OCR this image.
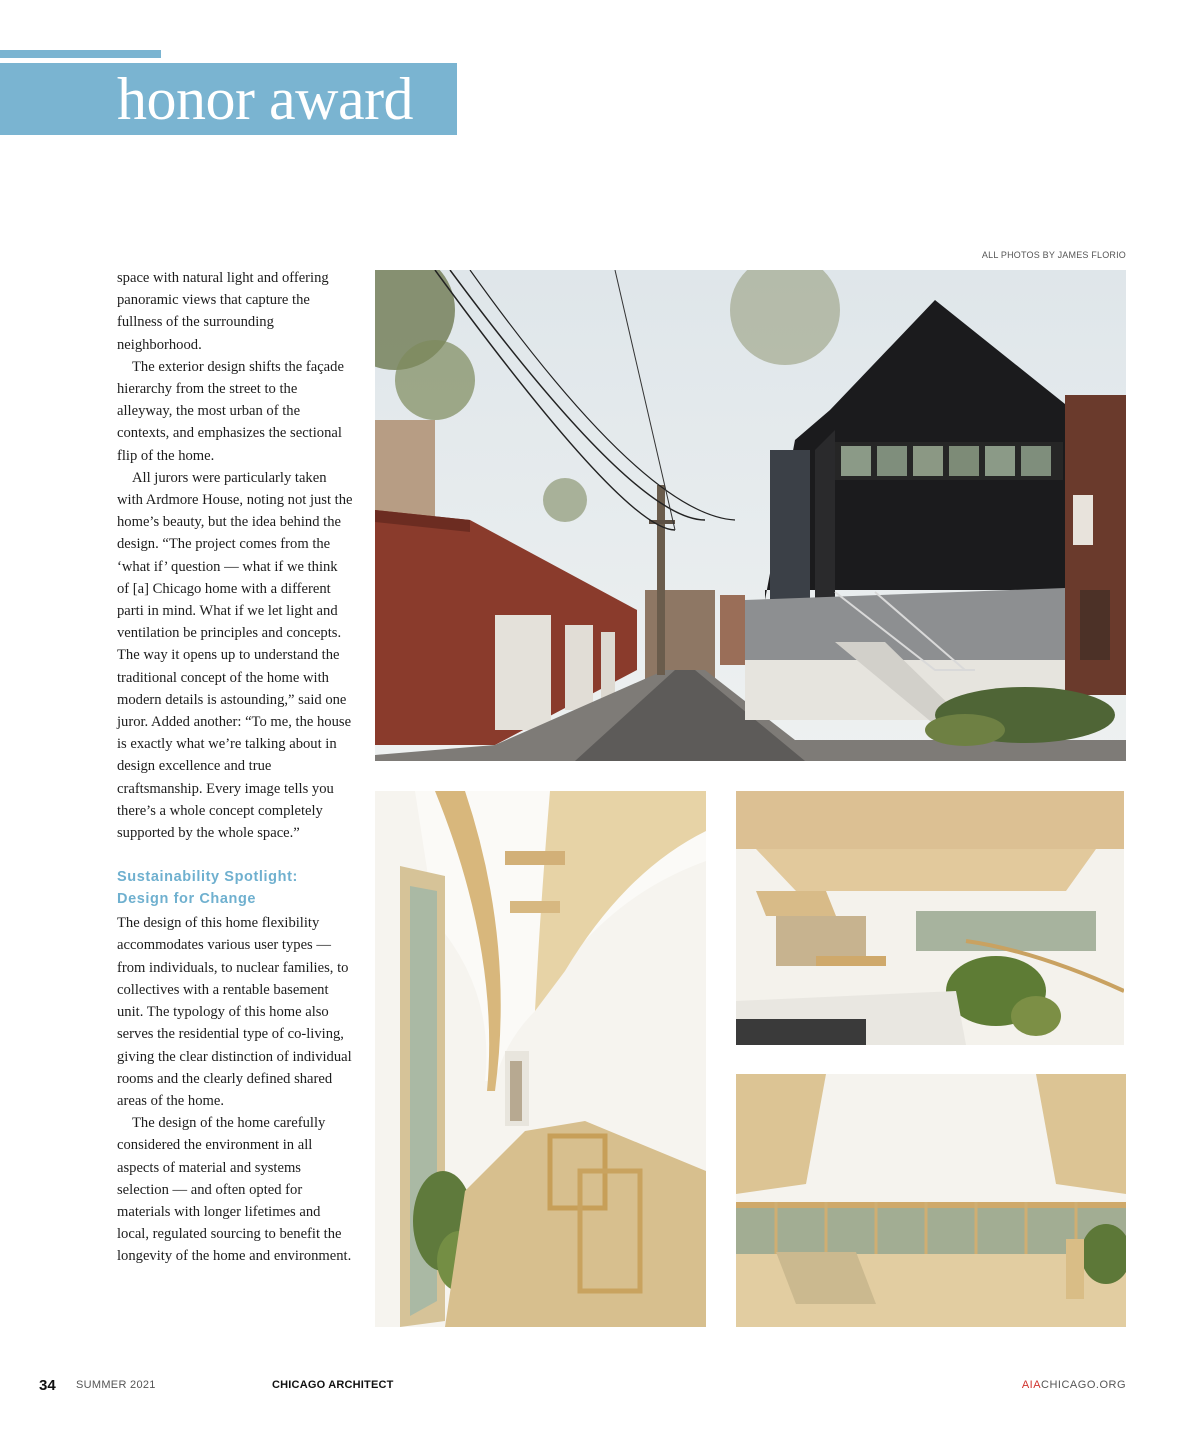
honor award
ALL PHOTOS BY JAMES FLORIO

space with natural light and offering panoramic views that capture the fullness of the surrounding neighborhood.

The exterior design shifts the façade hierarchy from the street to the alleyway, the most urban of the contexts, and emphasizes the sectional flip of the home.

All jurors were particularly taken with Ardmore House, noting not just the home’s beauty, but the idea behind the design. “The project comes from the ‘what if’ question — what if we think of [a] Chicago home with a different parti in mind. What if we let light and ventilation be principles and concepts. The way it opens up to understand the traditional concept of the home with modern details is astounding,” said one juror. Added another: “To me, the house is exactly what we’re talking about in design excellence and true craftsmanship. Every image tells you there’s a whole concept completely supported by the whole space.”

Sustainability Spotlight:
Design for Change

The design of this home flexibility accommodates various user types — from individuals, to nuclear families, to collectives with a rentable basement unit. The typology of this home also serves the residential type of co-living, giving the clear distinction of individual rooms and the clearly defined shared areas of the home.

The design of the home carefully considered the environment in all aspects of material and systems selection — and often opted for materials with longer lifetimes and local, regulated sourcing to benefit the longevity of the home and environment.

34 SUMMER 2021	CHICAGO ARCHITECT	AIACHICAGO.ORG
